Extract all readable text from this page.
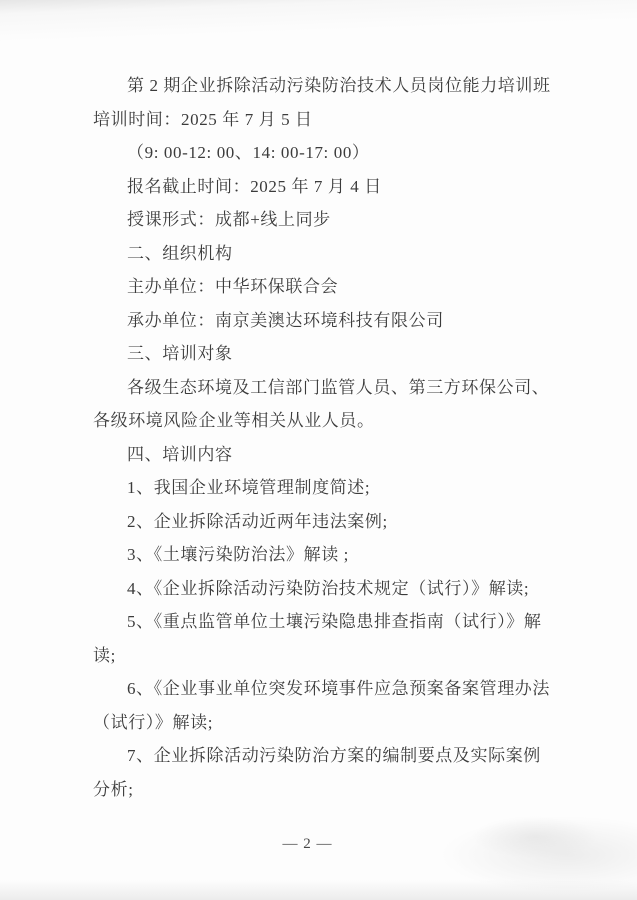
第 2 期企业拆除活动污染防治技术人员岗位能力培训班

培训时间：2025 年 7 月 5 日

（9: 00-12: 00、14: 00-17: 00）

报名截止时间：2025 年 7 月 4 日

授课形式：成都+线上同步

二、组织机构

主办单位：中华环保联合会

承办单位：南京美澳达环境科技有限公司

三、培训对象

各级生态环境及工信部门监管人员、第三方环保公司、

各级环境风险企业等相关从业人员。

四、培训内容

1、我国企业环境管理制度简述;

2、企业拆除活动近两年违法案例;

3、《土壤污染防治法》解读 ;

4、《企业拆除活动污染防治技术规定（试行）》解读;

5、《重点监管单位土壤污染隐患排查指南（试行）》解

读;

6、《企业事业单位突发环境事件应急预案备案管理办法

（试行）》解读;

7、企业拆除活动污染防治方案的编制要点及实际案例

分析;

— 2 —
